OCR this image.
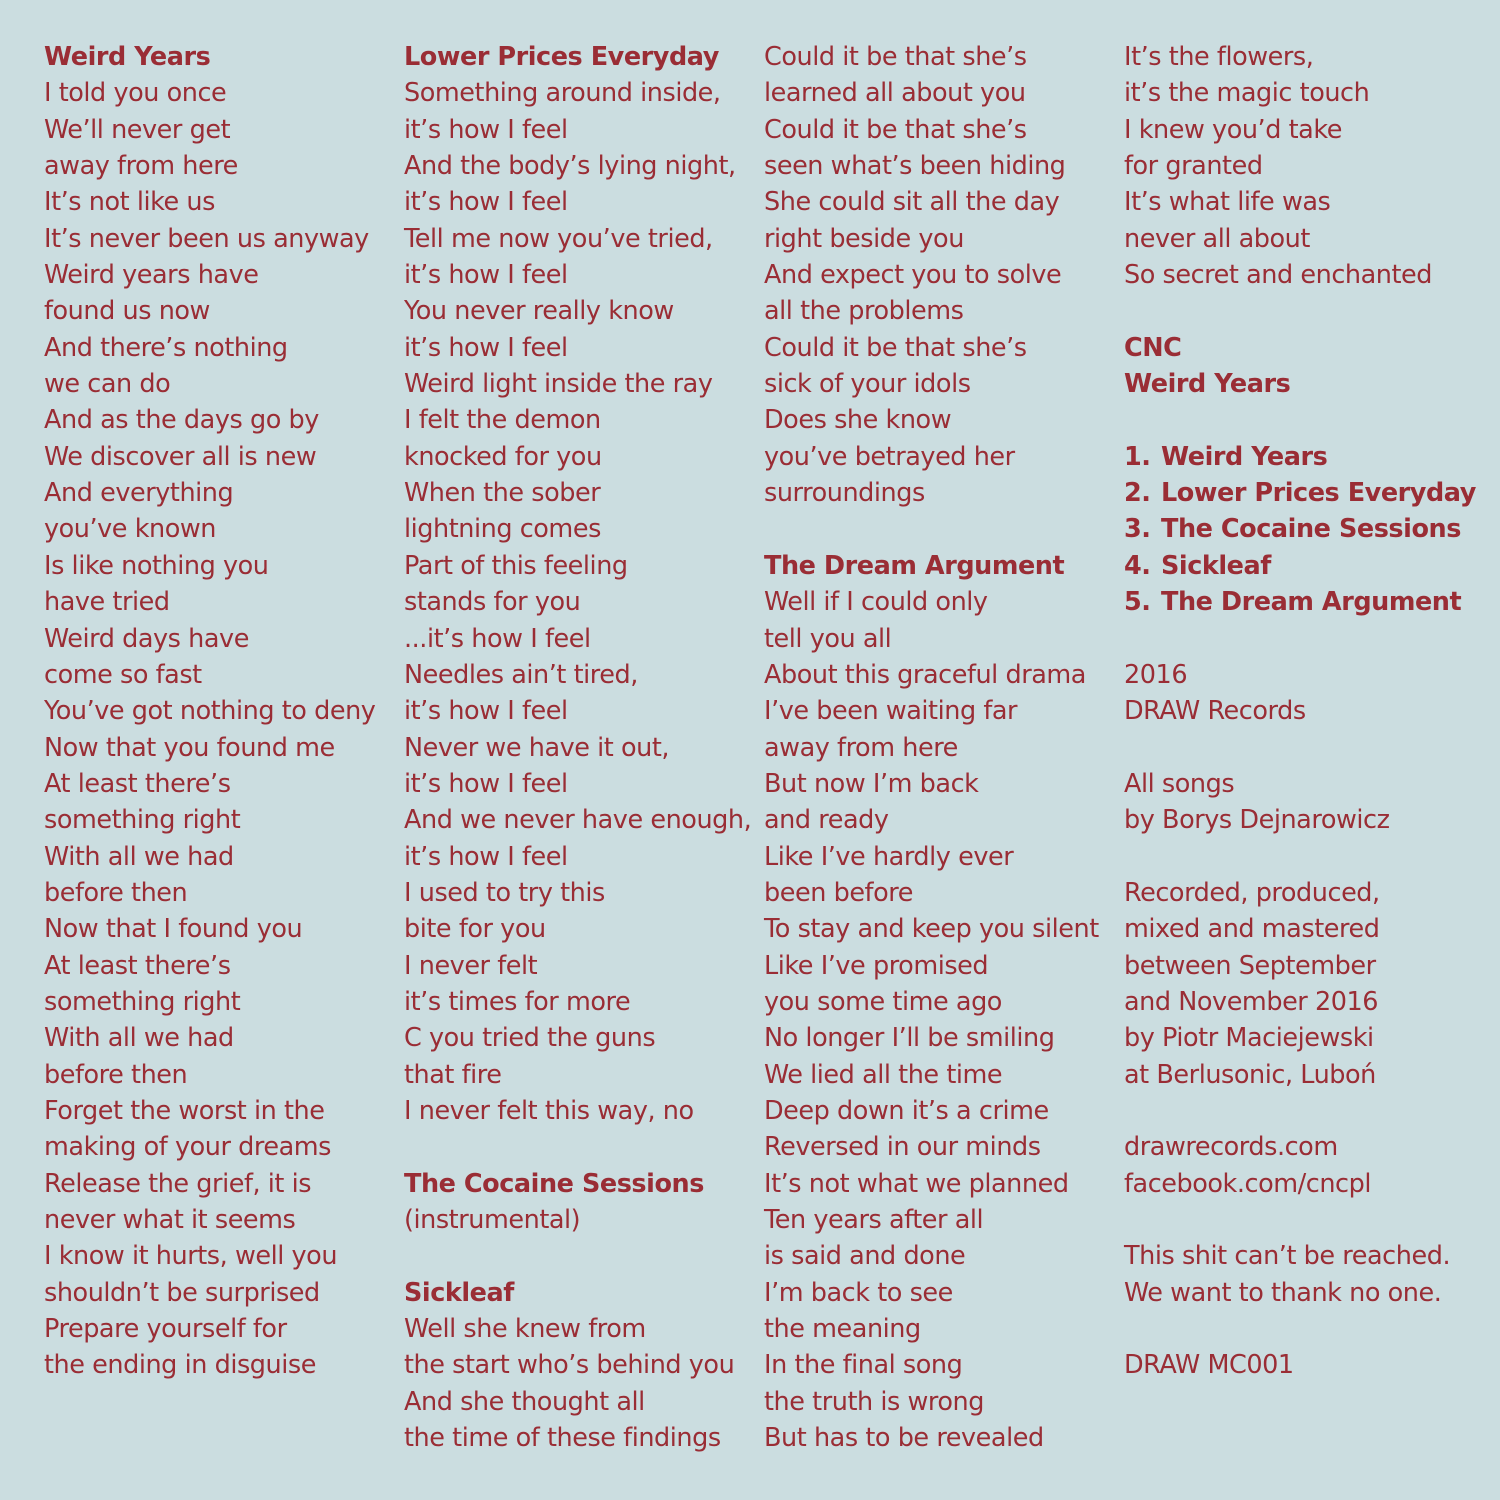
Weird Years
I told you once
We’ll never get
away from here
It’s not like us
It’s never been us anyway
Weird years have
found us now
And there’s nothing
we can do
And as the days go by
We discover all is new
And everything
you’ve known
Is like nothing you
have tried
Weird days have
come so fast
You’ve got nothing to deny
Now that you found me
At least there’s
something right
With all we had
before then
Now that I found you
At least there’s
something right
With all we had
before then
Forget the worst in the
making of your dreams
Release the grief, it is
never what it seems
I know it hurts, well you
shouldn’t be surprised
Prepare yourself for
the ending in disguise
Lower Prices Everyday
Something around inside,
it’s how I feel
And the body’s lying night,
it’s how I feel
Tell me now you’ve tried,
it’s how I feel
You never really know
it’s how I feel
Weird light inside the ray
I felt the demon
knocked for you
When the sober
lightning comes
Part of this feeling
stands for you
...it’s how I feel
Needles ain’t tired,
it’s how I feel
Never we have it out,
it’s how I feel
And we never have enough,
it’s how I feel
I used to try this
bite for you
I never felt
it’s times for more
C you tried the guns
that fire
I never felt this way, no
The Cocaine Sessions
(instrumental)
Sickleaf
Well she knew from
the start who’s behind you
And she thought all
the time of these findings
Could it be that she’s
learned all about you
Could it be that she’s
seen what’s been hiding
She could sit all the day
right beside you
And expect you to solve
all the problems
Could it be that she’s
sick of your idols
Does she know
you’ve betrayed her
surroundings
The Dream Argument
Well if I could only
tell you all
About this graceful drama
I’ve been waiting far
away from here
But now I’m back
and ready
Like I’ve hardly ever
been before
To stay and keep you silent
Like I’ve promised
you some time ago
No longer I’ll be smiling
We lied all the time
Deep down it’s a crime
Reversed in our minds
It’s not what we planned
Ten years after all
is said and done
I’m back to see
the meaning
In the final song
the truth is wrong
But has to be revealed
It’s the flowers,
it’s the magic touch
I knew you’d take
for granted
It’s what life was
never all about
So secret and enchanted
CNC
Weird Years
1. Weird Years
2. Lower Prices Everyday
3. The Cocaine Sessions
4. Sickleaf
5. The Dream Argument
2016
DRAW Records
All songs
by Borys Dejnarowicz
Recorded, produced,
mixed and mastered
between September
and November 2016
by Piotr Maciejewski
at Berlusonic, Luboń
drawrecords.com
facebook.com/cncpl
This shit can’t be reached.
We want to thank no one.
DRAW MC001
